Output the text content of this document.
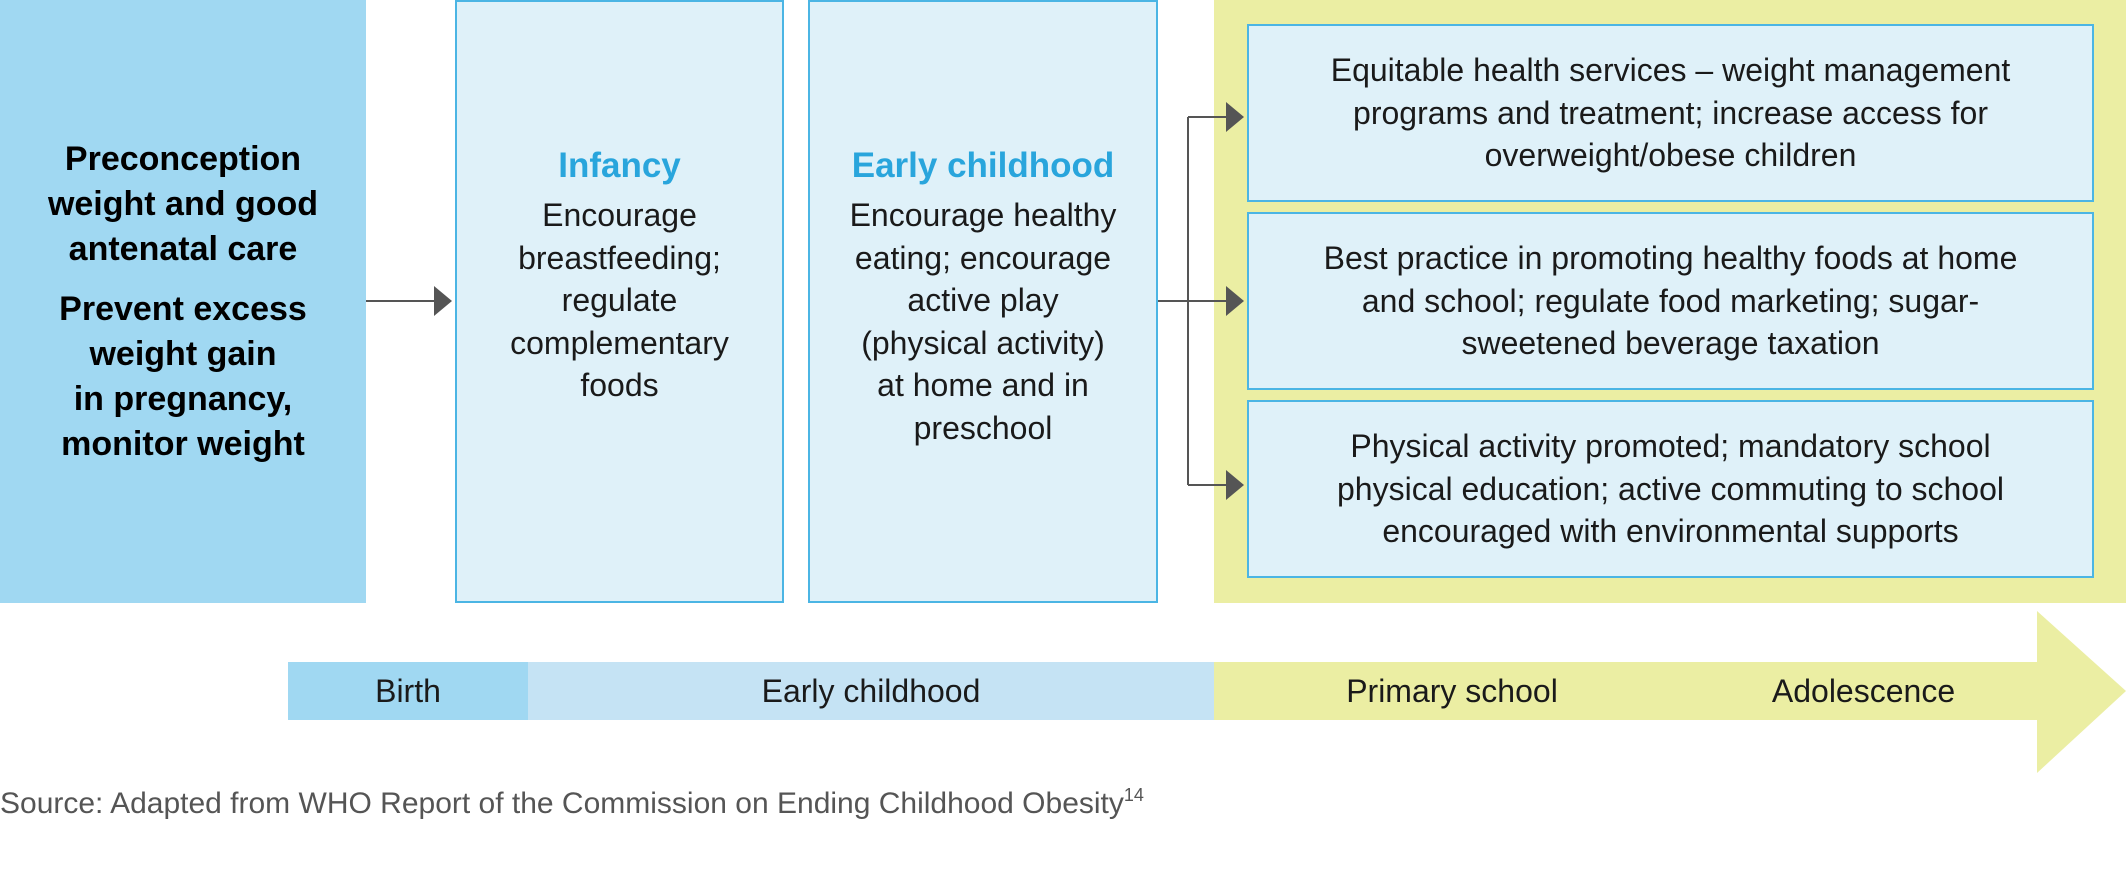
Preconception
weight and good
antenatal care
Prevent excess
weight gain
in pregnancy,
monitor weight
Infancy
Encourage
breastfeeding;
regulate
complementary
foods
Early childhood
Encourage healthy
eating; encourage
active play
(physical activity)
at home and in
preschool
Equitable health services – weight management
programs and treatment; increase access for
overweight/obese children
Best practice in promoting healthy foods at home
and school; regulate food marketing; sugar-
sweetened beverage taxation
Physical activity promoted; mandatory school
physical education; active commuting to school
encouraged with environmental supports
Birth	Early childhood	Primary school	Adolescence
Source: Adapted from WHO Report of the Commission on Ending Childhood Obesity$^{14}$
